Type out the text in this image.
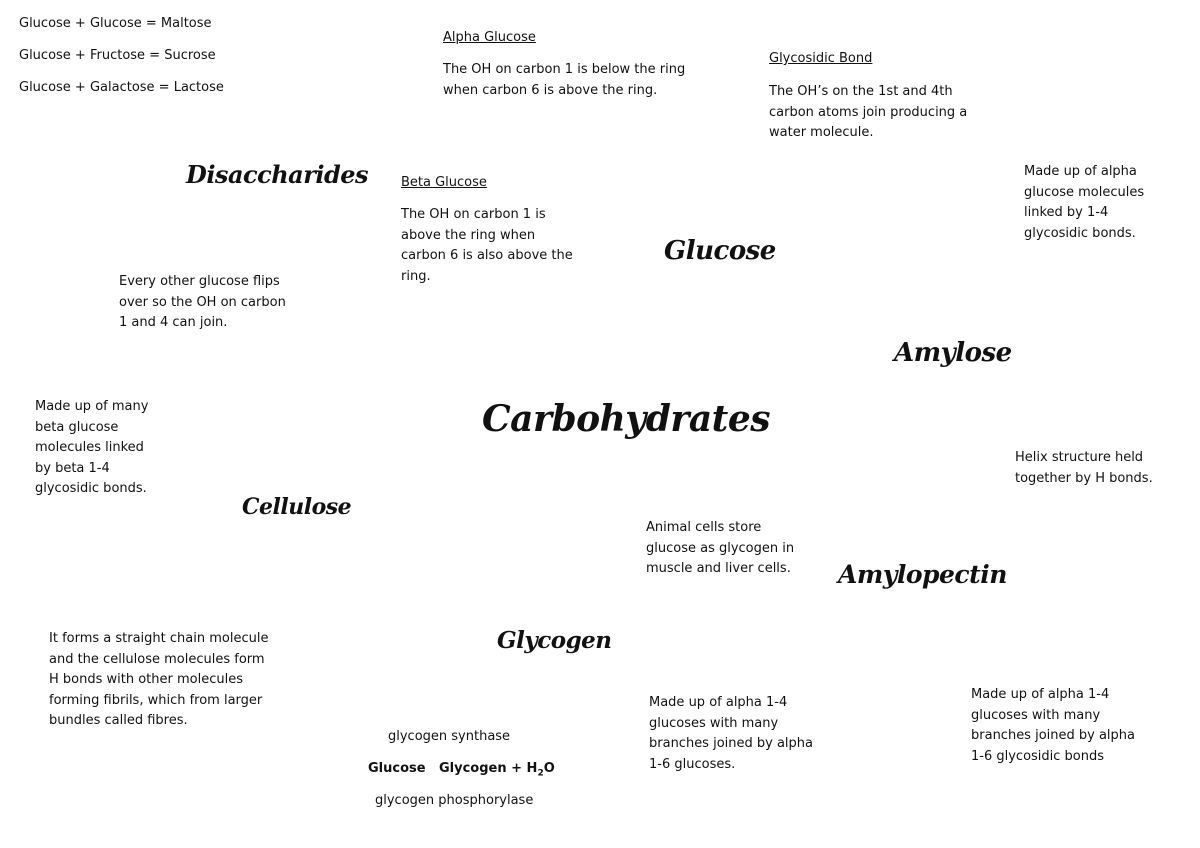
Glucose + Glucose = Maltose
Glucose + Fructose = Sucrose
Glucose + Galactose = Lactose
Alpha Glucose
The OH on carbon 1 is below the ring
when carbon 6 is above the ring.
Glycosidic Bond
The OH’s on the 1st and 4th
carbon atoms join producing a
water molecule.
Disaccharides
Glucose
Carbohydrates
Amylose
Cellulose
Amylopectin
Glycogen
Beta Glucose
The OH on carbon 1 is
above the ring when
carbon 6 is also above the
ring.
Made up of alpha
glucose molecules
linked by 1-4
glycosidic bonds.
Every other glucose flips
over so the OH on carbon
1 and 4 can join.
Made up of many
beta glucose
molecules linked
by beta 1-4
glycosidic bonds.
Helix structure held
together by H bonds.
Animal cells store
glucose as glycogen in
muscle and liver cells.
It forms a straight chain molecule
and the cellulose molecules form
H bonds with other molecules
forming fibrils, which from larger
bundles called fibres.
Made up of alpha 1-4
glucoses with many
branches joined by alpha
1-6 glucoses.
Made up of alpha 1-4
glucoses with many
branches joined by alpha
1-6 glycosidic bonds
glycogen synthase
Glucose Glycogen + $H_2O$
glycogen phosphorylase
